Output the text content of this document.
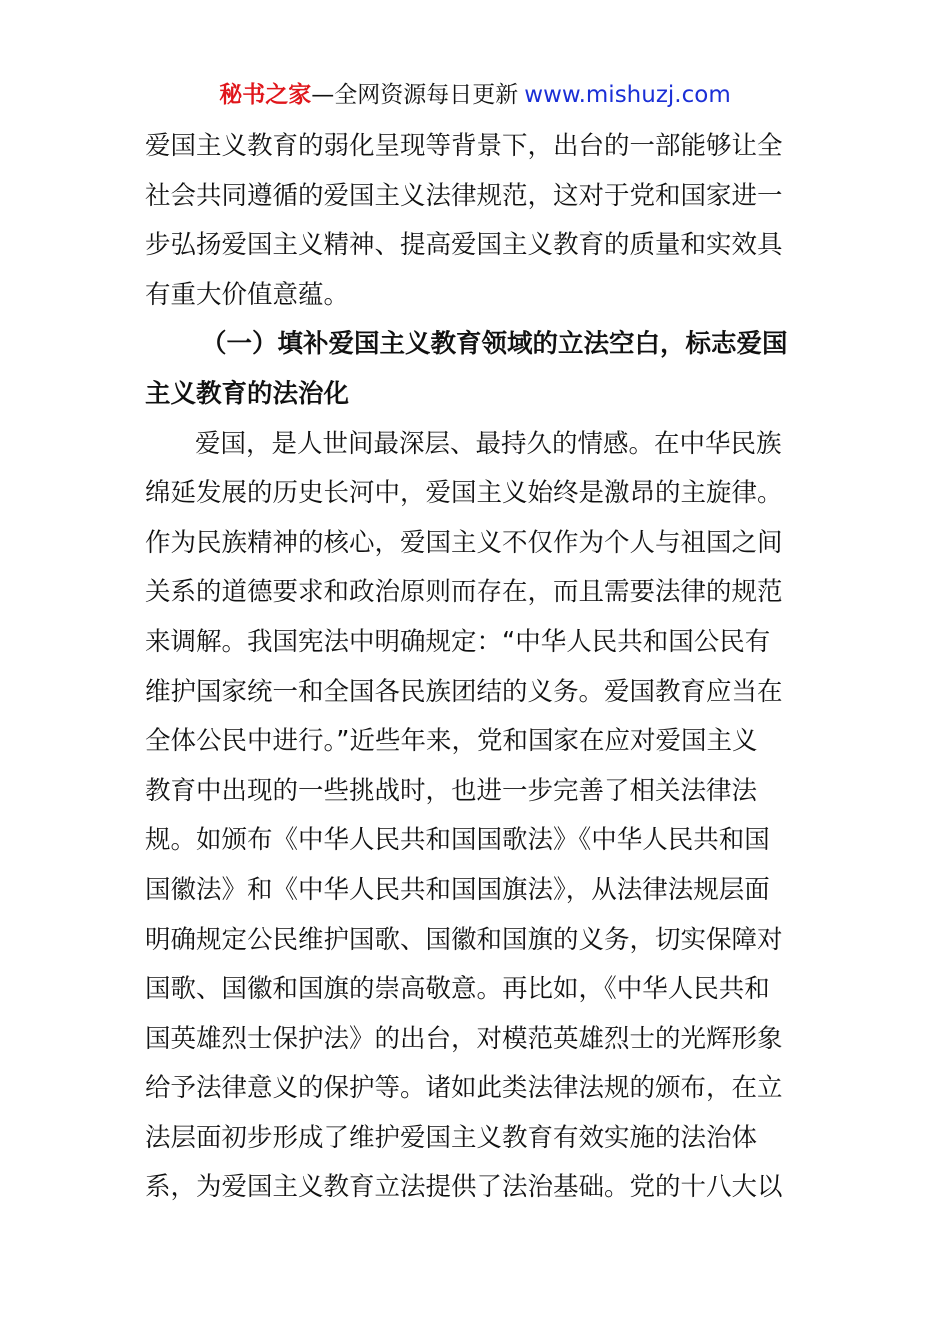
秘书之家—全网资源每日更新 www.mishuzj.com
爱国主义教育的弱化呈现等背景下，出台的一部能够让全
社会共同遵循的爱国主义法律规范，这对于党和国家进一
步弘扬爱国主义精神、提高爱国主义教育的质量和实效具
有重大价值意蕴。
（一）填补爱国主义教育领域的立法空白，标志爱国
主义教育的法治化
爱国，是人世间最深层、最持久的情感。在中华民族
绵延发展的历史长河中，爱国主义始终是激昂的主旋律。
作为民族精神的核心，爱国主义不仅作为个人与祖国之间
关系的道德要求和政治原则而存在，而且需要法律的规范
来调解。我国宪法中明确规定：“中华人民共和国公民有
维护国家统一和全国各民族团结的义务。爱国教育应当在
全体公民中进行。”近些年来，党和国家在应对爱国主义
教育中出现的一些挑战时，也进一步完善了相关法律法
规。如颁布《中华人民共和国国歌法》《中华人民共和国
国徽法》和《中华人民共和国国旗法》，从法律法规层面
明确规定公民维护国歌、国徽和国旗的义务，切实保障对
国歌、国徽和国旗的崇高敬意。再比如，《中华人民共和
国英雄烈士保护法》的出台，对模范英雄烈士的光辉形象
给予法律意义的保护等。诸如此类法律法规的颁布，在立
法层面初步形成了维护爱国主义教育有效实施的法治体
系，为爱国主义教育立法提供了法治基础。党的十八大以
